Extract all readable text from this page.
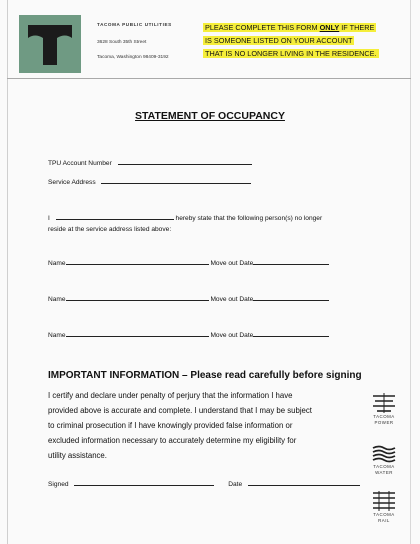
TACOMA PUBLIC UTILITIES
3628 South 35th Street
Tacoma, Washington 98409-3192
PLEASE COMPLETE THIS FORM ONLY IF THERE
IS SOMEONE LISTED ON YOUR ACCOUNT
THAT IS NO LONGER LIVING IN THE RESIDENCE.
STATEMENT OF OCCUPANCY
TPU Account Number
Service Address
I	hereby state that the following person(s) no longer
reside at the service address listed above:
Name	Move out Date
Name	Move out Date
Name	Move out Date
IMPORTANT INFORMATION – Please read carefully before signing
I certify and declare under penalty of perjury that the information I have
provided above is accurate and complete. I understand that I may be subject
to criminal prosecution if I have knowingly provided false information or
excluded information necessary to accurately determine my eligibility for
utility assistance.
Signed	Date
TACOMA
POWER
TACOMA
WATER
TACOMA
RAIL
